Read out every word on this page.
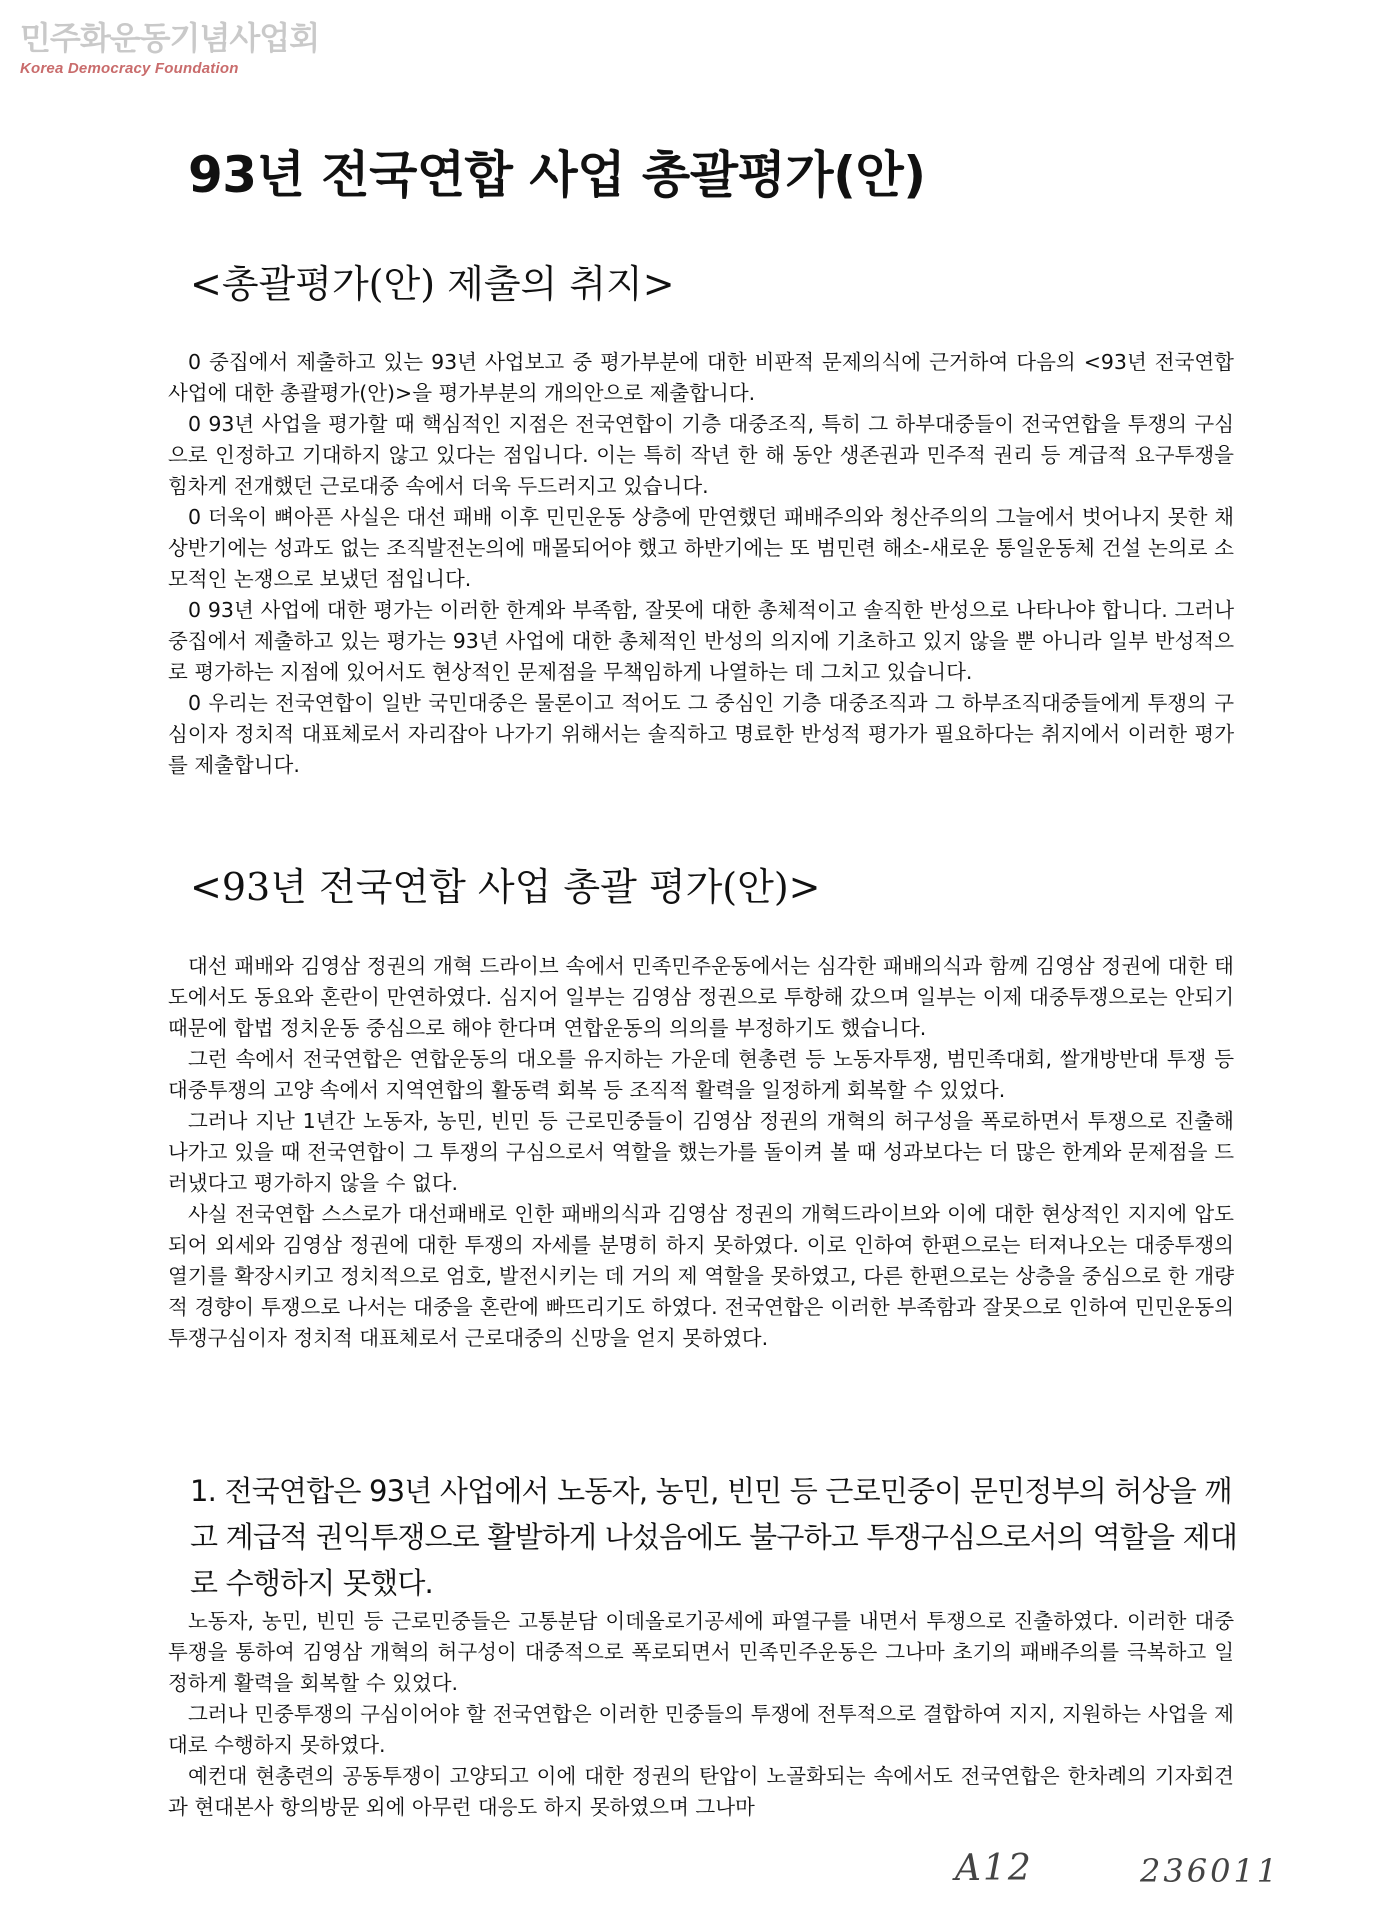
민주화운동기념사업회
Korea Democracy Foundation
93년 전국연합 사업 총괄평가(안)
<총괄평가(안) 제출의 취지>

0 중집에서 제출하고 있는 93년 사업보고 중 평가부분에 대한 비판적 문제의식에 근거하여 다음의 <93년 전국연합 사업에 대한 총괄평가(안)>을 평가부분의 개의안으로 제출합니다.

0 93년 사업을 평가할 때 핵심적인 지점은 전국연합이 기층 대중조직, 특히 그 하부대중들이 전국연합을 투쟁의 구심으로 인정하고 기대하지 않고 있다는 점입니다. 이는 특히 작년 한 해 동안 생존권과 민주적 권리 등 계급적 요구투쟁을 힘차게 전개했던 근로대중 속에서 더욱 두드러지고 있습니다.

0 더욱이 뼈아픈 사실은 대선 패배 이후 민민운동 상층에 만연했던 패배주의와 청산주의의 그늘에서 벗어나지 못한 채 상반기에는 성과도 없는 조직발전논의에 매몰되어야 했고 하반기에는 또 범민련 해소-새로운 통일운동체 건설 논의로 소모적인 논쟁으로 보냈던 점입니다.

0 93년 사업에 대한 평가는 이러한 한계와 부족함, 잘못에 대한 총체적이고 솔직한 반성으로 나타나야 합니다. 그러나 중집에서 제출하고 있는 평가는 93년 사업에 대한 총체적인 반성의 의지에 기초하고 있지 않을 뿐 아니라 일부 반성적으로 평가하는 지점에 있어서도 현상적인 문제점을 무책임하게 나열하는 데 그치고 있습니다.

0 우리는 전국연합이 일반 국민대중은 물론이고 적어도 그 중심인 기층 대중조직과 그 하부조직대중들에게 투쟁의 구심이자 정치적 대표체로서 자리잡아 나가기 위해서는 솔직하고 명료한 반성적 평가가 필요하다는 취지에서 이러한 평가를 제출합니다.

<93년 전국연합 사업 총괄 평가(안)>

대선 패배와 김영삼 정권의 개혁 드라이브 속에서 민족민주운동에서는 심각한 패배의식과 함께 김영삼 정권에 대한 태도에서도 동요와 혼란이 만연하였다. 심지어 일부는 김영삼 정권으로 투항해 갔으며 일부는 이제 대중투쟁으로는 안되기 때문에 합법 정치운동 중심으로 해야 한다며 연합운동의 의의를 부정하기도 했습니다.

그런 속에서 전국연합은 연합운동의 대오를 유지하는 가운데 현총련 등 노동자투쟁, 범민족대회, 쌀개방반대 투쟁 등 대중투쟁의 고양 속에서 지역연합의 활동력 회복 등 조직적 활력을 일정하게 회복할 수 있었다.

그러나 지난 1년간 노동자, 농민, 빈민 등 근로민중들이 김영삼 정권의 개혁의 허구성을 폭로하면서 투쟁으로 진출해 나가고 있을 때 전국연합이 그 투쟁의 구심으로서 역할을 했는가를 돌이켜 볼 때 성과보다는 더 많은 한계와 문제점을 드러냈다고 평가하지 않을 수 없다.

사실 전국연합 스스로가 대선패배로 인한 패배의식과 김영삼 정권의 개혁드라이브와 이에 대한 현상적인 지지에 압도되어 외세와 김영삼 정권에 대한 투쟁의 자세를 분명히 하지 못하였다. 이로 인하여 한편으로는 터져나오는 대중투쟁의 열기를 확장시키고 정치적으로 엄호, 발전시키는 데 거의 제 역할을 못하였고, 다른 한편으로는 상층을 중심으로 한 개량적 경향이 투쟁으로 나서는 대중을 혼란에 빠뜨리기도 하였다. 전국연합은 이러한 부족함과 잘못으로 인하여 민민운동의 투쟁구심이자 정치적 대표체로서 근로대중의 신망을 얻지 못하였다.

1. 전국연합은 93년 사업에서 노동자, 농민, 빈민 등 근로민중이 문민정부의 허상을 깨고 계급적 권익투쟁으로 활발하게 나섰음에도 불구하고 투쟁구심으로서의 역할을 제대로 수행하지 못했다.

노동자, 농민, 빈민 등 근로민중들은 고통분담 이데올로기공세에 파열구를 내면서 투쟁으로 진출하였다. 이러한 대중투쟁을 통하여 김영삼 개혁의 허구성이 대중적으로 폭로되면서 민족민주운동은 그나마 초기의 패배주의를 극복하고 일정하게 활력을 회복할 수 있었다.

그러나 민중투쟁의 구심이어야 할 전국연합은 이러한 민중들의 투쟁에 전투적으로 결합하여 지지, 지원하는 사업을 제대로 수행하지 못하였다.

예컨대 현총련의 공동투쟁이 고양되고 이에 대한 정권의 탄압이 노골화되는 속에서도 전국연합은 한차례의 기자회견과 현대본사 항의방문 외에 아무런 대응도 하지 못하였으며 그나마

A12	236011
